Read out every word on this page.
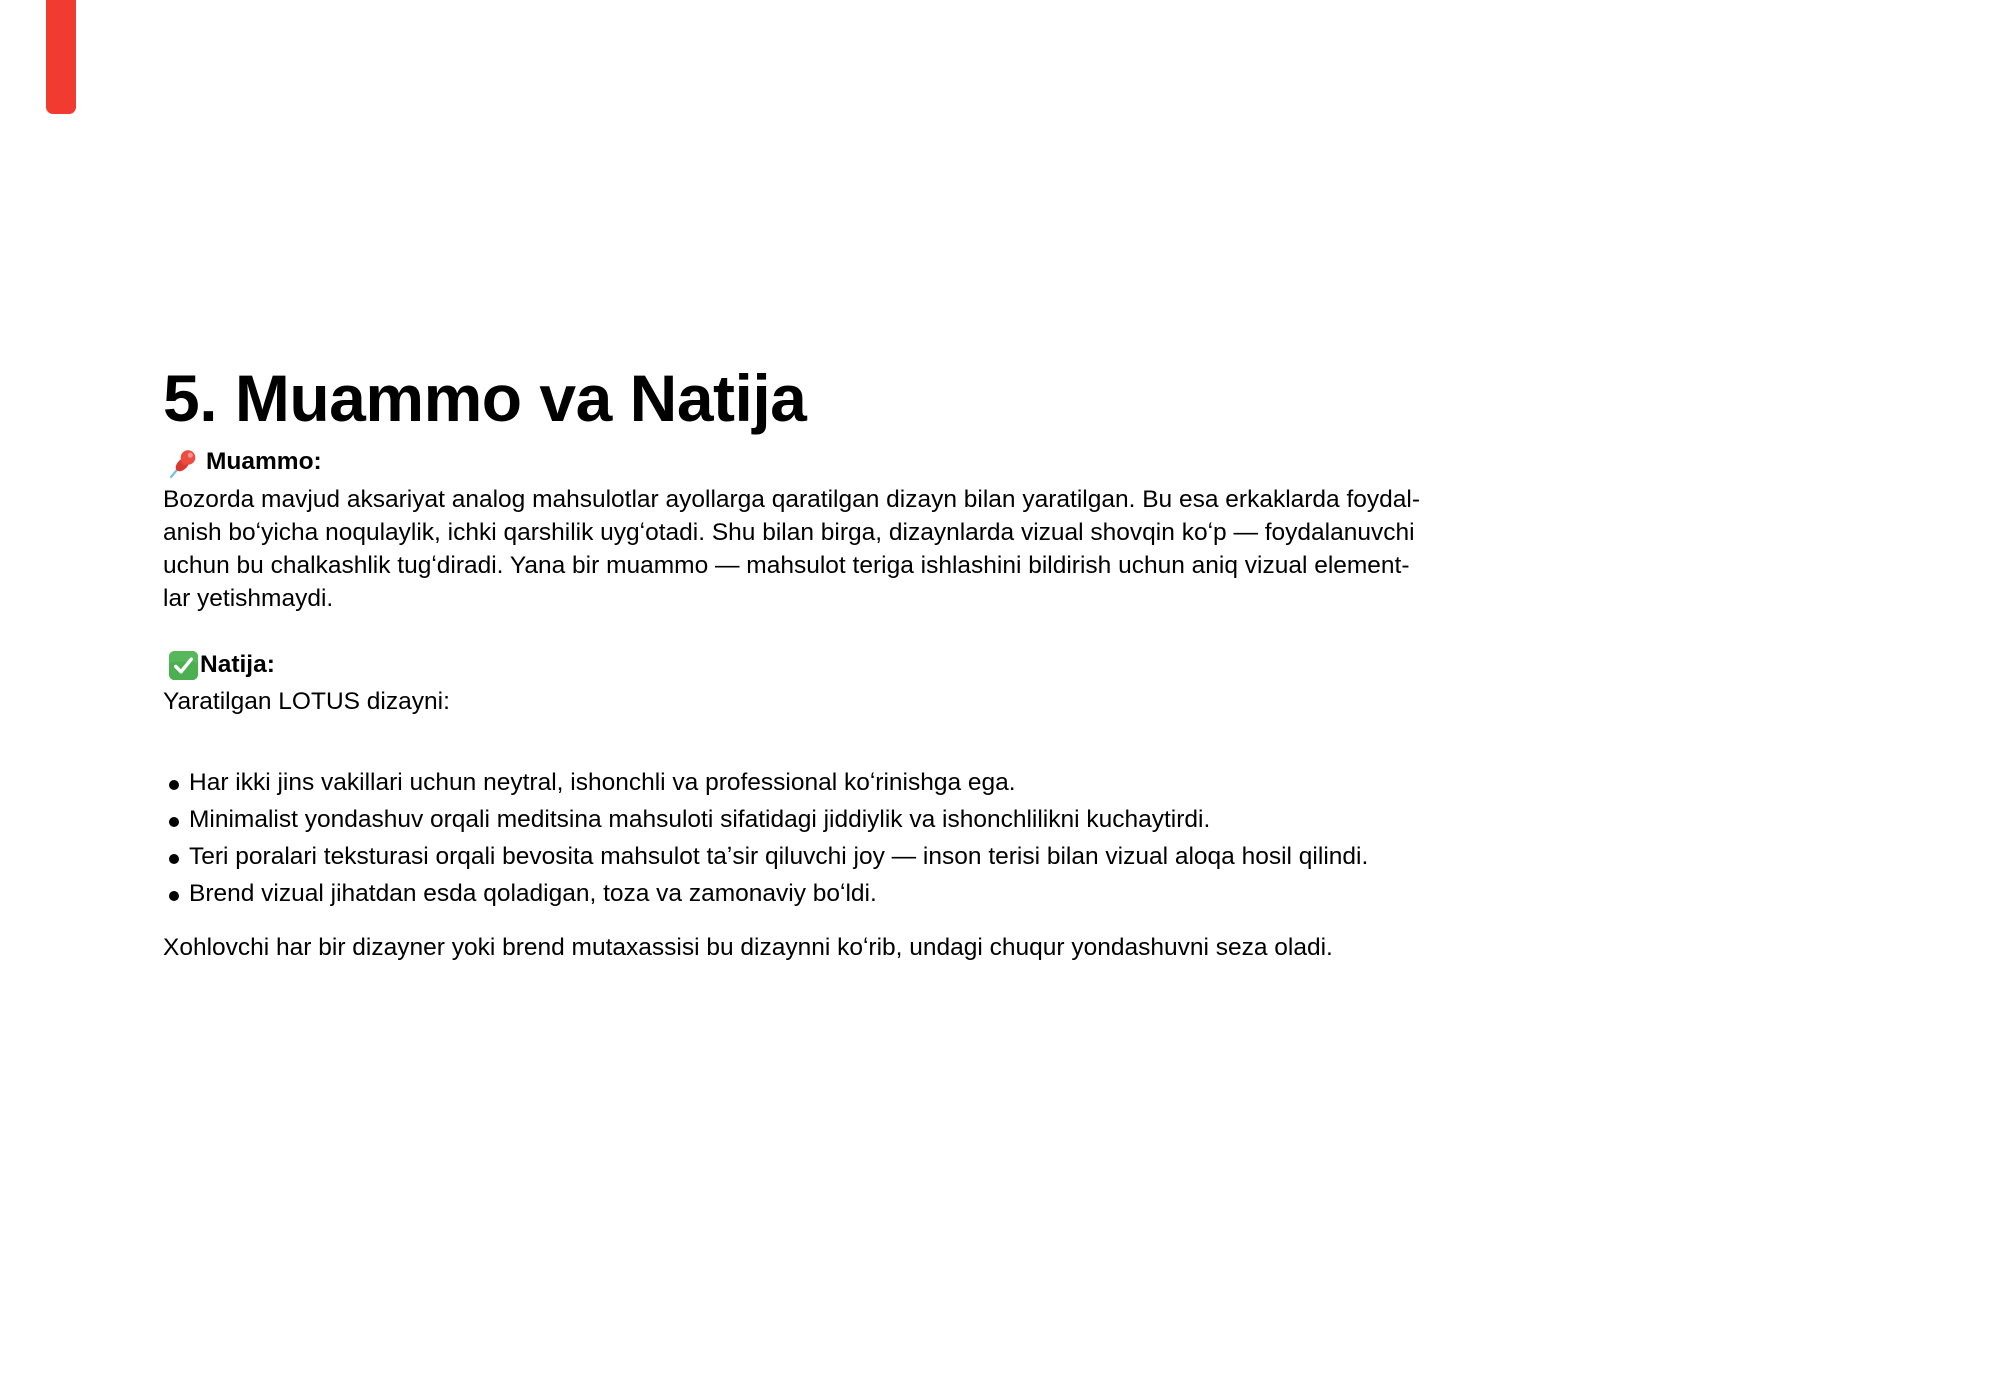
5. Muammo va Natija
Muammo:
Bozorda mavjud aksariyat analog mahsulotlar ayollarga qaratilgan dizayn bilan yaratilgan. Bu esa erkaklarda foydal-
anish boʻyicha noqulaylik, ichki qarshilik uygʻotadi. Shu bilan birga, dizaynlarda vizual shovqin koʻp — foydalanuvchi
uchun bu chalkashlik tugʻdiradi. Yana bir muammo — mahsulot teriga ishlashini bildirish uchun aniq vizual element-
lar yetishmaydi.
Natija:
Yaratilgan LOTUS dizayni:
Har ikki jins vakillari uchun neytral, ishonchli va professional koʻrinishga ega.
Minimalist yondashuv orqali meditsina mahsuloti sifatidagi jiddiylik va ishonchlilikni kuchaytirdi.
Teri poralari teksturasi orqali bevosita mahsulot taʼsir qiluvchi joy — inson terisi bilan vizual aloqa hosil qilindi.
Brend vizual jihatdan esda qoladigan, toza va zamonaviy boʻldi.
Xohlovchi har bir dizayner yoki brend mutaxassisi bu dizaynni koʻrib, undagi chuqur yondashuvni seza oladi.
